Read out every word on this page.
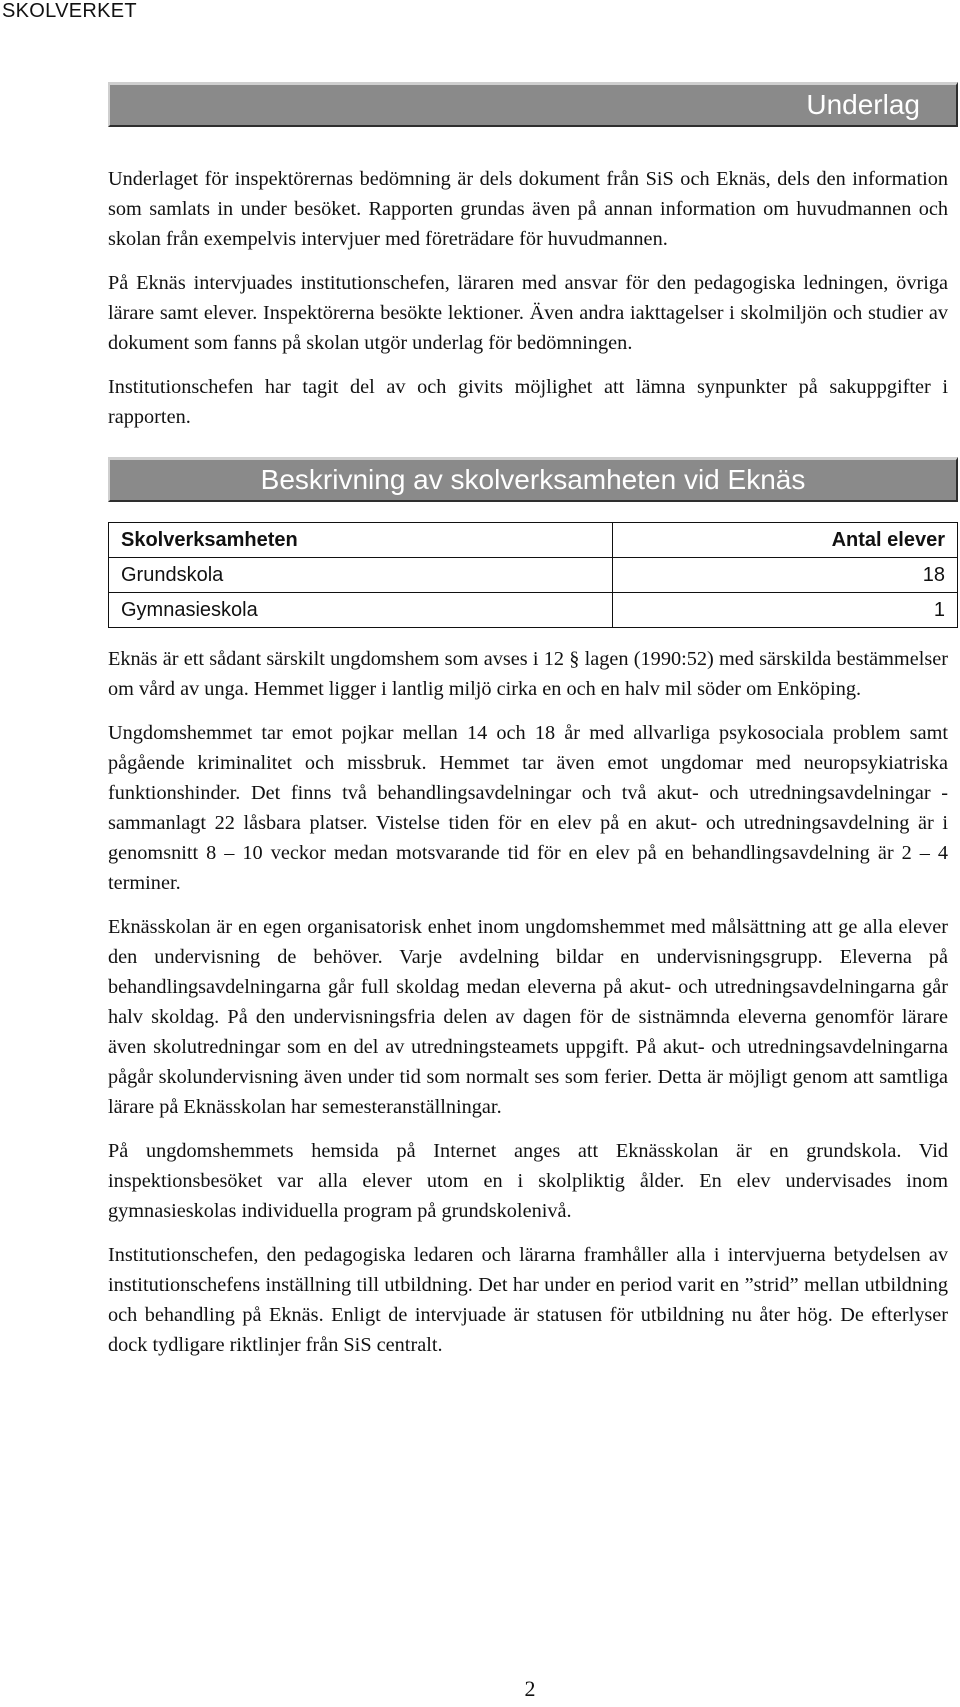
SKOLVERKET
Underlag

Underlaget för inspektörernas bedömning är dels dokument från SiS och Eknäs, dels den information som samlats in under besöket. Rapporten grundas även på annan information om huvudmannen och skolan från exempelvis intervjuer med företrädare för huvudmannen.

På Eknäs intervjuades institutionschefen, läraren med ansvar för den pedagogiska ledningen, övriga lärare samt elever. Inspektörerna besökte lektioner. Även andra iakttagelser i skolmiljön och studier av dokument som fanns på skolan utgör underlag för bedömningen.

Institutionschefen har tagit del av och givits möjlighet att lämna synpunkter på sakuppgifter i rapporten.

Beskrivning av skolverksamheten vid Eknäs
Skolverksamheten	Antal elever
Grundskola	18
Gymnasieskola	1

Eknäs är ett sådant särskilt ungdomshem som avses i 12 § lagen (1990:52) med särskilda bestämmelser om vård av unga. Hemmet ligger i lantlig miljö cirka en och en halv mil söder om Enköping.

Ungdomshemmet tar emot pojkar mellan 14 och 18 år med allvarliga psykosociala problem samt pågående kriminalitet och missbruk. Hemmet tar även emot ungdomar med neuropsykiatriska funktionshinder. Det finns två behandlingsavdelningar och två akut- och utredningsavdelningar - sammanlagt 22 låsbara platser. Vistelse tiden för en elev på en akut- och utredningsavdelning är i genomsnitt 8 – 10 veckor medan motsvarande tid för en elev på en behandlingsavdelning är 2 – 4 terminer.

Eknässkolan är en egen organisatorisk enhet inom ungdomshemmet med målsättning att ge alla elever den undervisning de behöver. Varje avdelning bildar en undervisningsgrupp. Eleverna på behandlingsavdelningarna går full skoldag medan eleverna på akut- och utredningsavdelningarna går halv skoldag. På den undervisningsfria delen av dagen för de sistnämnda eleverna genomför lärare även skolutredningar som en del av utredningsteamets uppgift. På akut- och utredningsavdelningarna pågår skolundervisning även under tid som normalt ses som ferier. Detta är möjligt genom att samtliga lärare på Eknässkolan har semesteranställningar.

På ungdomshemmets hemsida på Internet anges att Eknässkolan är en grundskola. Vid inspektionsbesöket var alla elever utom en i skolpliktig ålder. En elev undervisades inom gymnasieskolas individuella program på grundskolenivå.

Institutionschefen, den pedagogiska ledaren och lärarna framhåller alla i intervjuerna betydelsen av institutionschefens inställning till utbildning. Det har under en period varit en ”strid” mellan utbildning och behandling på Eknäs. Enligt de intervjuade är statusen för utbildning nu åter hög. De efterlyser dock tydligare riktlinjer från SiS centralt.

2
